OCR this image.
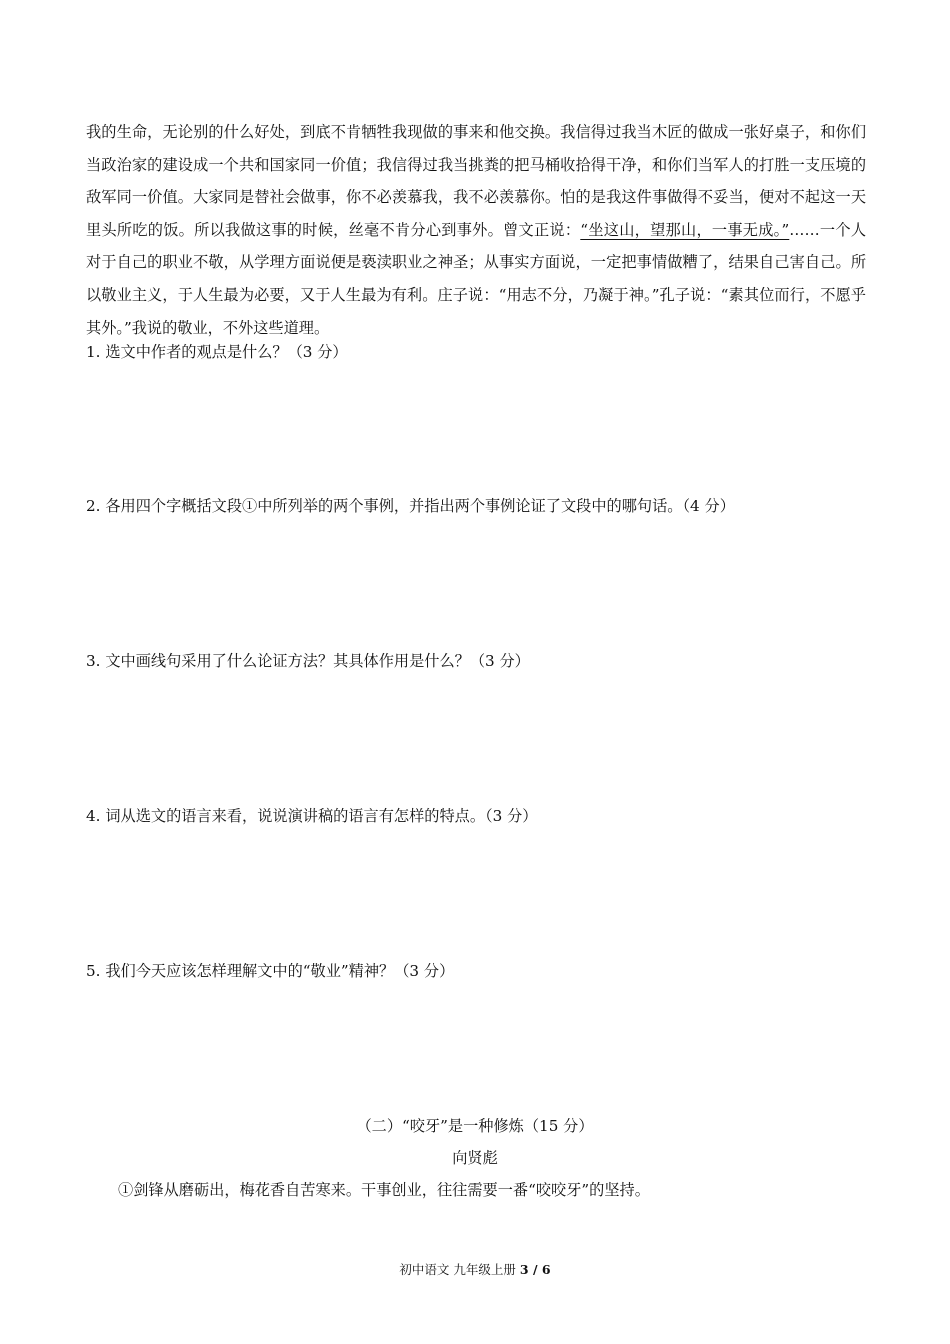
我的生命，无论别的什么好处，到底不肯牺牲我现做的事来和他交换。我信得过我当木匠的做成一张好桌子，和你们当政治家的建设成一个共和国家同一价值；我信得过我当挑粪的把马桶收拾得干净，和你们当军人的打胜一支压境的敌军同一价值。大家同是替社会做事，你不必羡慕我，我不必羡慕你。怕的是我这件事做得不妥当，便对不起这一天里头所吃的饭。所以我做这事的时候，丝毫不肯分心到事外。曾文正说：“坐这山，望那山，一事无成。”……一个人对于自己的职业不敬，从学理方面说便是亵渎职业之神圣；从事实方面说，一定把事情做糟了，结果自己害自己。所以敬业主义，于人生最为必要，又于人生最为有利。庄子说：“用志不分，乃凝于神。”孔子说：“素其位而行，不愿乎其外。”我说的敬业，不外这些道理。

1. 选文中作者的观点是什么？（3 分）

2. 各用四个字概括文段①中所列举的两个事例，并指出两个事例论证了文段中的哪句话。（4 分）

3. 文中画线句采用了什么论证方法？其具体作用是什么？（3 分）

4. 词从选文的语言来看，说说演讲稿的语言有怎样的特点。（3 分）

5. 我们今天应该怎样理解文中的“敬业”精神？（3 分）

（二）“咬牙”是一种修炼（15 分）
向贤彪
①剑锋从磨砺出，梅花香自苦寒来。干事创业，往往需要一番“咬咬牙”的坚持。
初中语文 九年级上册 3 / 6
